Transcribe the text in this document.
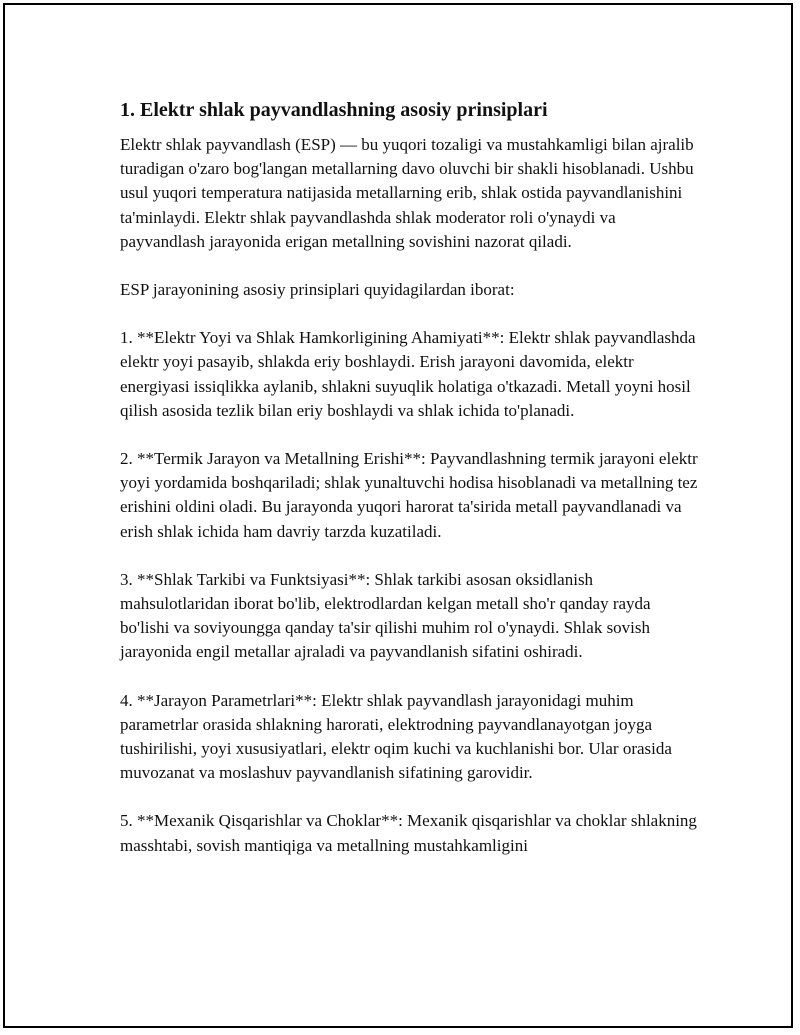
1. Elektr shlak payvandlashning asosiy prinsiplari

Elektr shlak payvandlash (ESP) — bu yuqori tozaligi va mustahkamligi bilan ajralib turadigan o'zaro bog'langan metallarning davo oluvchi bir shakli hisoblanadi. Ushbu usul yuqori temperatura natijasida metallarning erib, shlak ostida payvandlanishini ta'minlaydi. Elektr shlak payvandlashda shlak moderator roli o'ynaydi va payvandlash jarayonida erigan metallning sovishini nazorat qiladi.

ESP jarayonining asosiy prinsiplari quyidagilardan iborat:

1. **Elektr Yoyi va Shlak Hamkorligining Ahamiyati**: Elektr shlak payvandlashda elektr yoyi pasayib, shlakda eriy boshlaydi. Erish jarayoni davomida, elektr energiyasi issiqlikka aylanib, shlakni suyuqlik holatiga o'tkazadi. Metall yoyni hosil qilish asosida tezlik bilan eriy boshlaydi va shlak ichida to'planadi.

2. **Termik Jarayon va Metallning Erishi**: Payvandlashning termik jarayoni elektr yoyi yordamida boshqariladi; shlak yunaltuvchi hodisa hisoblanadi va metallning tez erishini oldini oladi. Bu jarayonda yuqori harorat ta'sirida metall payvandlanadi va erish shlak ichida ham davriy tarzda kuzatiladi.

3. **Shlak Tarkibi va Funktsiyasi**: Shlak tarkibi asosan oksidlanish mahsulotlaridan iborat bo'lib, elektrodlardan kelgan metall sho'r qanday rayda bo'lishi va soviyoungga qanday ta'sir qilishi muhim rol o'ynaydi. Shlak sovish jarayonida engil metallar ajraladi va payvandlanish sifatini oshiradi.

4. **Jarayon Parametrlari**: Elektr shlak payvandlash jarayonidagi muhim parametrlar orasida shlakning harorati, elektrodning payvandlanayotgan joyga tushirilishi, yoyi xususiyatlari, elektr oqim kuchi va kuchlanishi bor. Ular orasida muvozanat va moslashuv payvandlanish sifatining garovidir.

5. **Mexanik Qisqarishlar va Choklar**: Mexanik qisqarishlar va choklar shlakning masshtabi, sovish mantiqiga va metallning mustahkamligini
